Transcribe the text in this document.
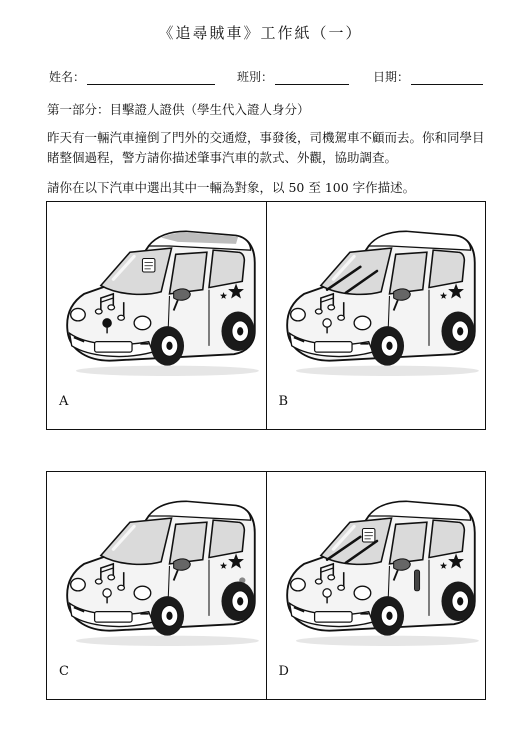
《追尋賊車》工作紙（一）
姓名：	班別：	日期：
第一部分：目擊證人證供（學生代入證人身分）
昨天有一輛汽車撞倒了門外的交通燈，事發後，司機駕車不顧而去。你和同學目睹整個過程，警方請你描述肇事汽車的款式、外觀，協助調查。
請你在以下汽車中選出其中一輛為對象，以 50 至 100 字作描述。
A	B
C	D
